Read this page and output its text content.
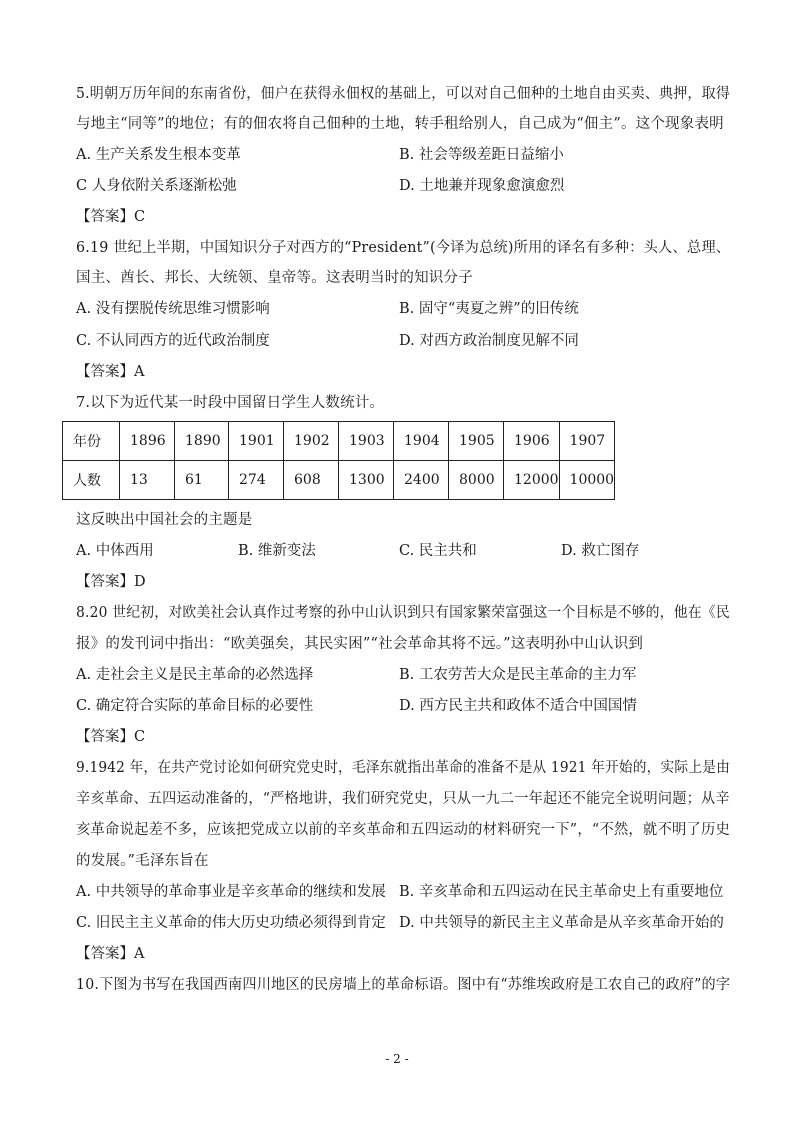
5.明朝万历年间的东南省份，佃户在获得永佃权的基础上，可以对自己佃种的土地自由买卖、典押，取得
与地主“同等”的地位；有的佃农将自己佃种的土地，转手租给别人，自己成为“佃主”。这个现象表明
A. 生产关系发生根本变革	B. 社会等级差距日益缩小
C 人身依附关系逐渐松弛	D. 土地兼并现象愈演愈烈
【答案】C
6.19 世纪上半期，中国知识分子对西方的“President”(今译为总统)所用的译名有多种：头人、总理、
国主、酋长、邦长、大统领、皇帝等。这表明当时的知识分子
A. 没有摆脱传统思维习惯影响	B. 固守“夷夏之辨”的旧传统
C. 不认同西方的近代政治制度	D. 对西方政治制度见解不同
【答案】A
7.以下为近代某一时段中国留日学生人数统计。
年份	1896	1890	1901	1902	1903	1904	1905	1906	1907
人数	13	61	274	608	1300	2400	8000	12000	10000
这反映出中国社会的主题是
A. 中体西用	B. 维新变法	C. 民主共和	D. 救亡图存
【答案】D
8.20 世纪初，对欧美社会认真作过考察的孙中山认识到只有国家繁荣富强这一个目标是不够的，他在《民
报》的发刊词中指出：“欧美强矣，其民实困”“社会革命其将不远。”这表明孙中山认识到
A. 走社会主义是民主革命的必然选择	B. 工农劳苦大众是民主革命的主力军
C. 确定符合实际的革命目标的必要性	D. 西方民主共和政体不适合中国国情
【答案】C
9.1942 年，在共产党讨论如何研究党史时，毛泽东就指出革命的准备不是从 1921 年开始的，实际上是由
辛亥革命、五四运动准备的，“严格地讲，我们研究党史，只从一九二一年起还不能完全说明问题；从辛
亥革命说起差不多，应该把党成立以前的辛亥革命和五四运动的材料研究一下”，“不然，就不明了历史
的发展。”毛泽东旨在
A. 中共领导的革命事业是辛亥革命的继续和发展 B. 辛亥革命和五四运动在民主革命史上有重要地位
C. 旧民主主义革命的伟大历史功绩必须得到肯定 D. 中共领导的新民主主义革命是从辛亥革命开始的
【答案】A
10.下图为书写在我国西南四川地区的民房墙上的革命标语。图中有“苏维埃政府是工农自己的政府”的字
- 2 -
